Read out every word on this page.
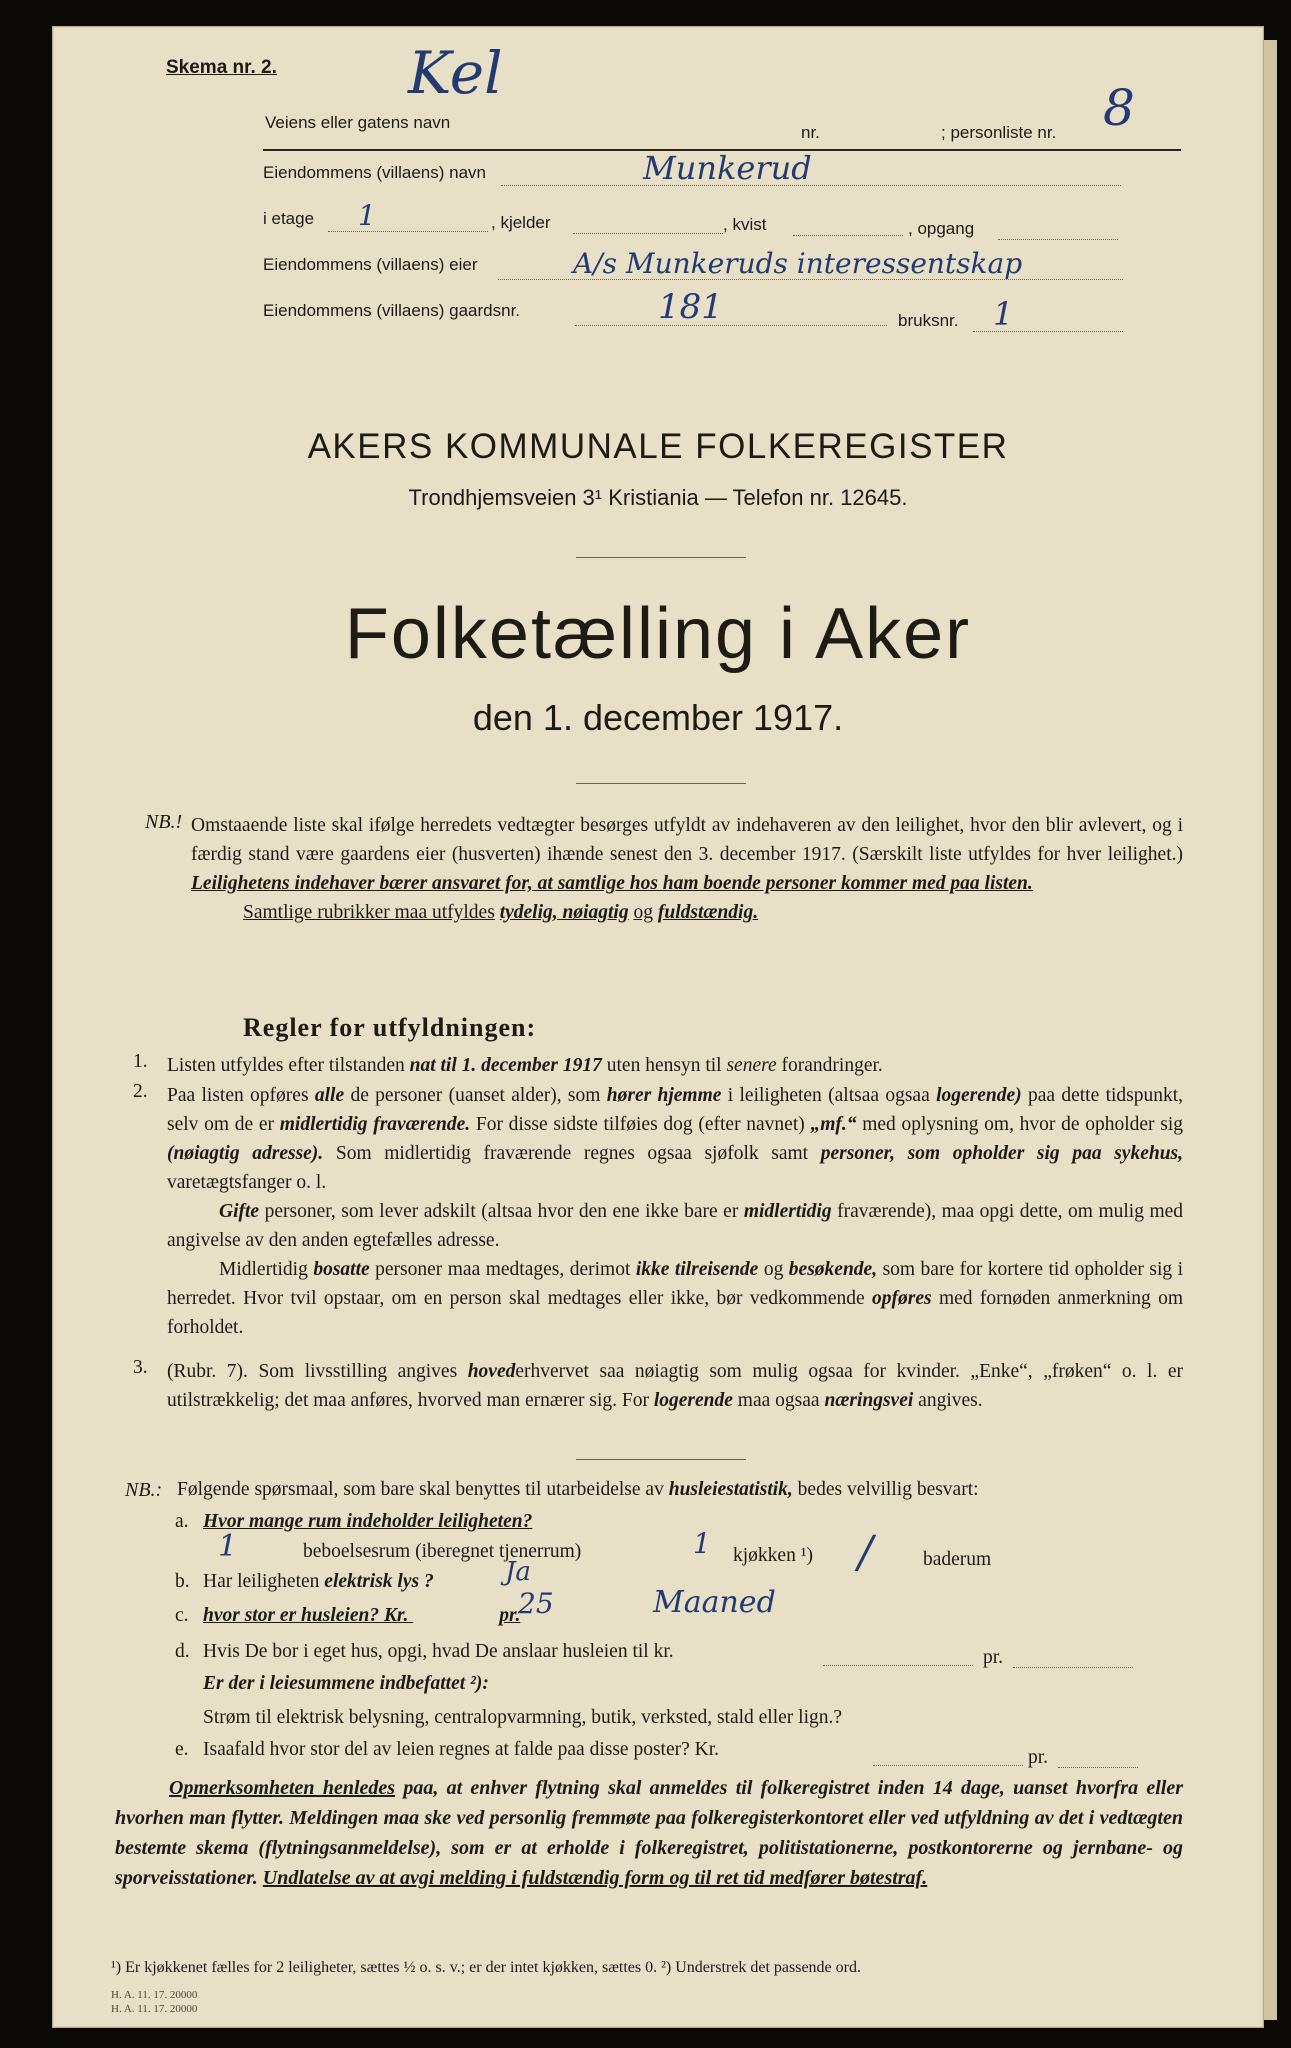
Skema nr. 2.
Veiens eller gatens navn
nr.	; personliste nr.
Kel
8
Eiendommens (villaens) navn	Munkerud
i etage 1	, kjelder	, kvist	, opgang
Eiendommens (villaens) eier	A/s Munkeruds interessentskap
Eiendommens (villaens) gaardsnr.	181	bruksnr. 1
AKERS KOMMUNALE FOLKEREGISTER
Trondhjemsveien 3¹ Kristiania — Telefon nr. 12645.
Folketælling i Aker
den 1. december 1917.
NB.! Omstaaende liste skal ifølge herredets vedtægter besørges utfyldt av indehaveren av den leilighet, hvor den blir avlevert, og i færdig stand være gaardens eier (husverten) ihænde senest den 3. december 1917. (Særskilt liste utfyldes for hver leilighet.) Leilighetens indehaver bærer ansvaret for, at samtlige hos ham boende personer kommer med paa listen.

Samtlige rubrikker maa utfyldes tydelig, nøiagtig og fuldstændig.

Regler for utfyldningen:
1. Listen utfyldes efter tilstanden nat til 1. december 1917 uten hensyn til senere forandringer.

2. Paa listen opføres alle de personer (uanset alder), som hører hjemme i leiligheten (altsaa ogsaa logerende) paa dette tidspunkt, selv om de er midlertidig fraværende. For disse sidste tilføies dog (efter navnet) „mf.“ med oplysning om, hvor de opholder sig (nøiagtig adresse). Som midlertidig fraværende regnes ogsaa sjøfolk samt personer, som opholder sig paa sykehus, varetægtsfanger o. l.

Gifte personer, som lever adskilt (altsaa hvor den ene ikke bare er midlertidig fraværende), maa opgi dette, om mulig med angivelse av den anden egtefælles adresse.

Midlertidig bosatte personer maa medtages, derimot ikke tilreisende og besøkende, som bare for kortere tid opholder sig i herredet. Hvor tvil opstaar, om en person skal medtages eller ikke, bør vedkommende opføres med fornøden anmerkning om forholdet.

3. (Rubr. 7). Som livsstilling angives hovederhvervet saa nøiagtig som mulig ogsaa for kvinder. „Enke“, „frøken“ o. l. er utilstrækkelig; det maa anføres, hvorved man ernærer sig. For logerende maa ogsaa næringsvei angives.

NB.: Følgende spørsmaal, som bare skal benyttes til utarbeidelse av husleiestatistik, bedes velvillig besvart:
a. Hvor mange rum indeholder leiligheten?
1	beboelsesrum (iberegnet tjenerrum)	1 kjøkken ¹) /	baderum
b. Har leiligheten elektrisk lys ?	Ja
c. hvor stor er husleien? Kr.	pr.
25	Maaned
d. Hvis De bor i eget hus, opgi, hvad De anslaar husleien til kr.	pr.
Er der i leiesummene indbefattet ²):
Strøm til elektrisk belysning, centralopvarmning, butik, verksted, stald eller lign.?
e. Isaafald hvor stor del av leien regnes at falde paa disse poster? Kr.	pr.

Opmerksomheten henledes paa, at enhver flytning skal anmeldes til folkeregistret inden 14 dage, uanset hvorfra eller hvorhen man flytter. Meldingen maa ske ved personlig fremmøte paa folkeregisterkontoret eller ved utfyldning av det i vedtægten bestemte skema (flytningsanmeldelse), som er at erholde i folkeregistret, politistationerne, postkontorerne og jernbane- og sporveisstationer. Undlatelse av at avgi melding i fuldstændig form og til ret tid medfører bøtestraf.

¹) Er kjøkkenet fælles for 2 leiligheter, sættes ½ o. s. v.; er der intet kjøkken, sættes 0. ²) Understrek det passende ord.
H. A. 11. 17. 20000
H. A. 11. 17. 20000
